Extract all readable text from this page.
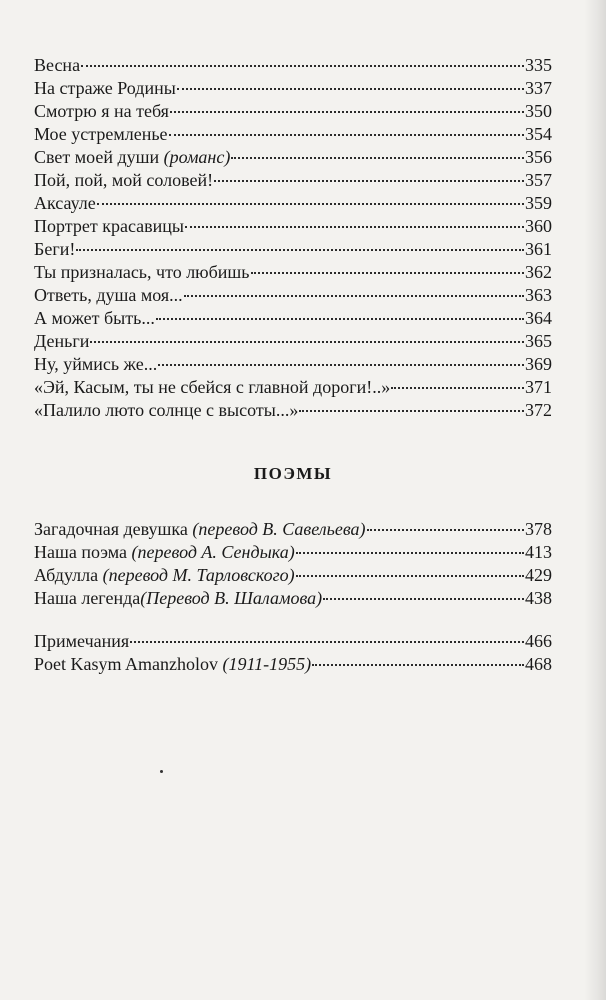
Весна	335
На страже Родины	337
Смотрю я на тебя	350
Мое устремленье	354
Свет моей души (романс)	356
Пой, пой, мой соловей!	357
Аксауле	359
Портрет красавицы	360
Беги!	361
Ты призналась, что любишь	362
Ответь, душа моя...	363
А может быть...	364
Деньги	365
Ну, уймись же...	369
«Эй, Касым, ты не сбейся с главной дороги!..»	371
«Палило люто солнце с высоты...»	372
ПОЭМЫ
Загадочная девушка (перевод В. Савельева)	378
Наша поэма (перевод А. Сендыка)	413
Абдулла (перевод М. Тарловского)	429
Наша легенда(Перевод В. Шаламова)	438
Примечания	466
Poet Kasym Amanzholov (1911-1955)	468
